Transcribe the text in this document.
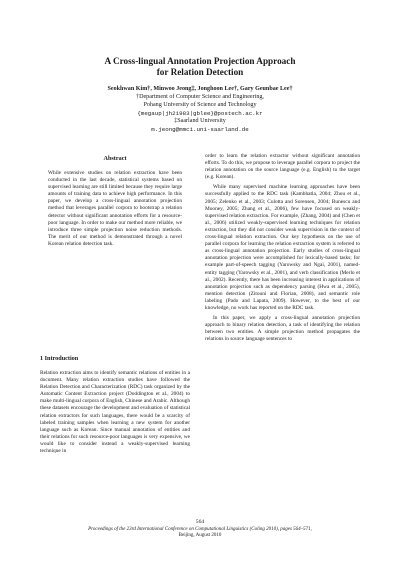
A Cross-lingual Annotation Projection Approach
for Relation Detection
Seokhwan Kim†, Minwoo Jeong‡, Jonghoon Lee†, Gary Geunbae Lee†
†Department of Computer Science and Engineering,
Pohang University of Science and Technology
{megaup|jh21983|gblee}@postech.ac.kr
‡Saarland University
m.jeong@mmci.uni-saarland.de
Abstract

While extensive studies on relation extraction have been conducted in the last decade, statistical systems based on supervised learning are still limited because they require large amounts of training data to achieve high performance. In this paper, we develop a cross-lingual annotation projection method that leverages parallel corpora to bootstrap a relation detector without significant annotation efforts for a resource-poor language. In order to make our method more reliable, we introduce three simple projection noise reduction methods. The merit of our method is demonstrated through a novel Korean relation detection task.

1 Introduction

Relation extraction aims to identify semantic relations of entities in a document. Many relation extraction studies have followed the Relation Detection and Characterization (RDC) task organized by the Automatic Content Extraction project (Doddington et al., 2004) to make multi-lingual corpora of English, Chinese and Arabic. Although these datasets encourage the development and evaluation of statistical relation extractors for such languages, there would be a scarcity of labeled training samples when learning a new system for another language such as Korean. Since manual annotation of entities and their relations for such resource-poor languages is very expensive, we would like to consider instead a weakly-supervised learning technique in

order to learn the relation extractor without significant annotation efforts. To do this, we propose to leverage parallel corpora to project the relation annotation on the source language (e.g. English) to the target (e.g. Korean).

While many supervised machine learning approaches have been successfully applied to the RDC task (Kambhatla, 2004; Zhou et al., 2005; Zelenko et al., 2003; Culotta and Sorensen, 2004; Bunescu and Mooney, 2005; Zhang et al., 2006), few have focused on weakly-supervised relation extraction. For example, (Zhang, 2004) and (Chen et al., 2006) utilized weakly-supervised learning techniques for relation extraction, but they did not consider weak supervision in the context of cross-lingual relation extraction. Our key hypothesis on the use of parallel corpora for learning the relation extraction system is referred to as cross-lingual annotation projection. Early studies of cross-lingual annotation projection were accomplished for lexically-based tasks; for example part-of-speech tagging (Yarowsky and Ngai, 2001), named-entity tagging (Yarowsky et al., 2001), and verb classification (Merlo et al., 2002). Recently, there has been increasing interest in applications of annotation projection such as dependency parsing (Hwa et al., 2005), mention detection (Zitouni and Florian, 2008), and semantic role labeling (Pado and Lapata, 2009). However, to the best of our knowledge, no work has reported on the RDC task.

In this paper, we apply a cross-lingual annotation projection approach to binary relation detection, a task of identifying the relation between two entities. A simple projection method propagates the relations in source language sentences to

564
Proceedings of the 23rd International Conference on Computational Linguistics (Coling 2010), pages 564–571,
Beijing, August 2010
